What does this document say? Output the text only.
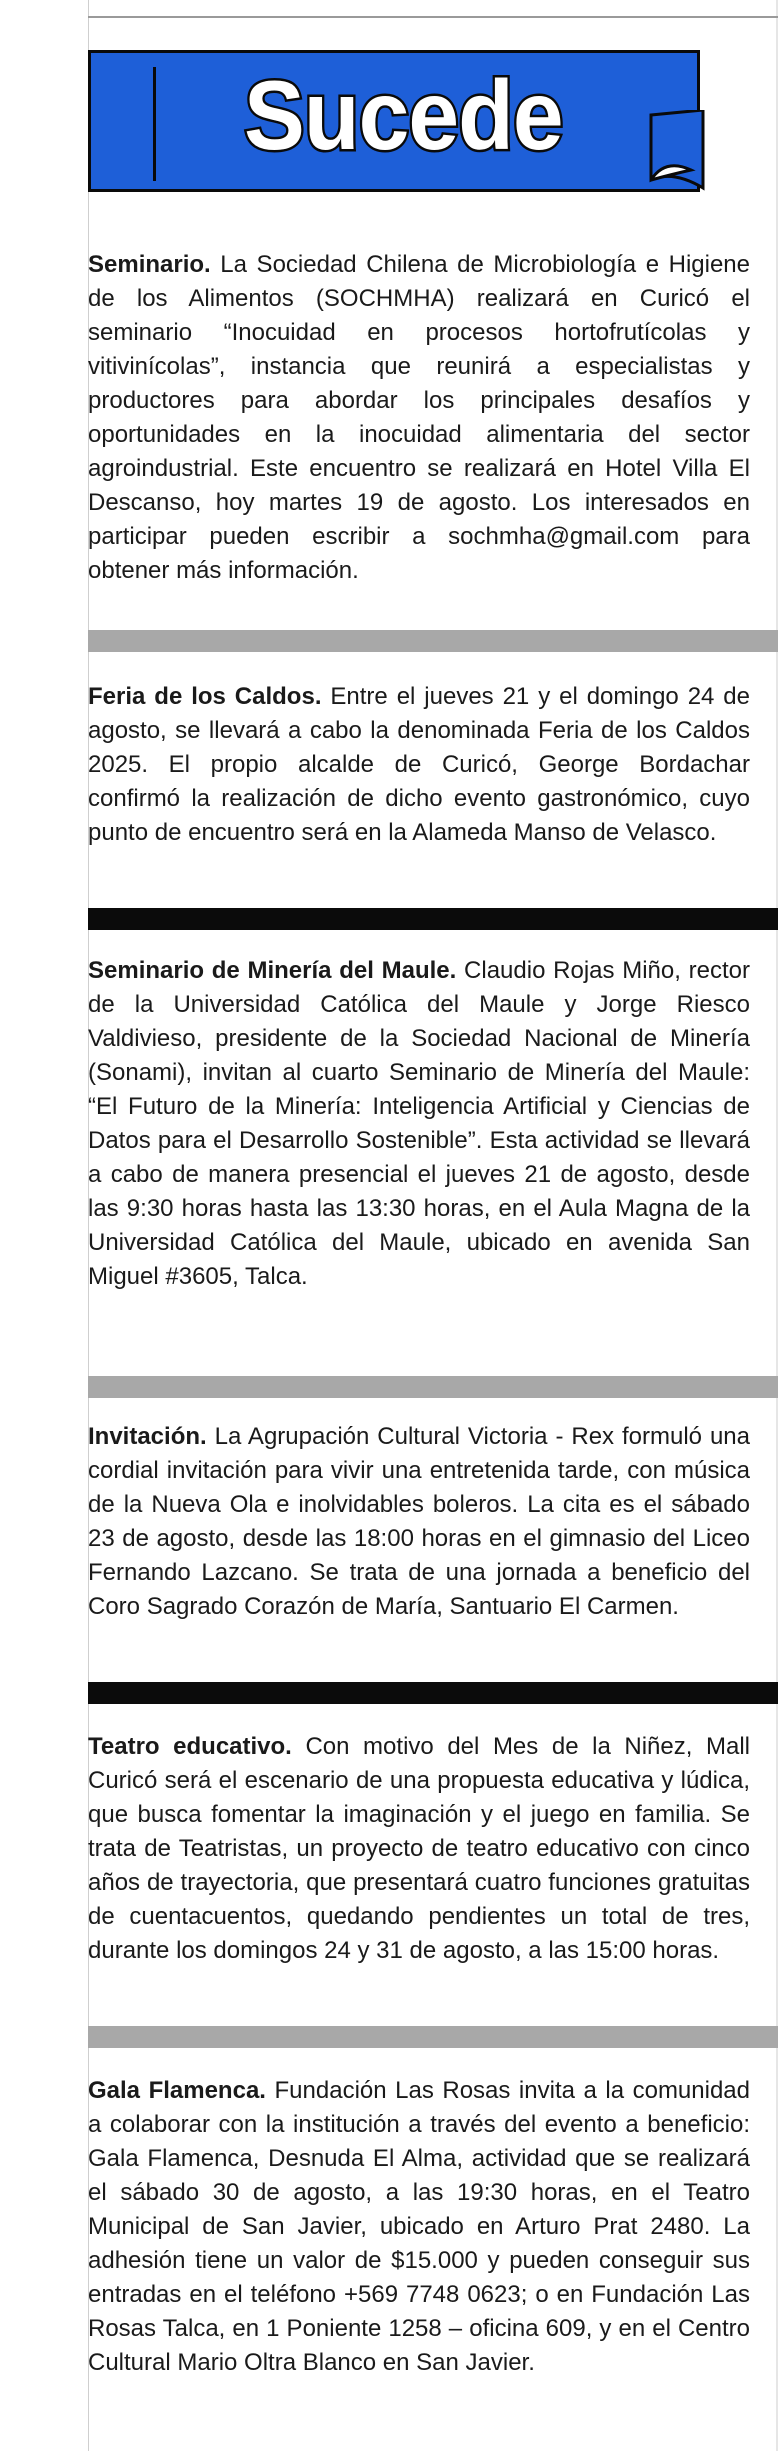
Sucede
Seminario. La Sociedad Chilena de Microbiología e Higiene de los Alimentos (SOCHMHA) realizará en Curicó el seminario “Inocuidad en procesos hortofrutícolas y vitivinícolas”, instancia que reunirá a especialistas y productores para abordar los principales desafíos y oportunidades en la inocuidad alimentaria del sector agroindustrial. Este encuentro se realizará en Hotel Villa El Descanso, hoy martes 19 de agosto. Los interesados en participar pueden escribir a sochmha@gmail.com para obtener más información.
Feria de los Caldos. Entre el jueves 21 y el domingo 24 de agosto, se llevará a cabo la denominada Feria de los Caldos 2025. El propio alcalde de Curicó, George Bordachar confirmó la realización de dicho evento gastronómico, cuyo punto de encuentro será en la Alameda Manso de Velasco.
Seminario de Minería del Maule. Claudio Rojas Miño, rector de la Universidad Católica del Maule y Jorge Riesco Valdivieso, presidente de la Sociedad Nacional de Minería (Sonami), invitan al cuarto Seminario de Minería del Maule: “El Futuro de la Minería: Inteligencia Artificial y Ciencias de Datos para el Desarrollo Sostenible”. Esta actividad se llevará a cabo de manera presencial el jueves 21 de agosto, desde las 9:30 horas hasta las 13:30 horas, en el Aula Magna de la Universidad Católica del Maule, ubicado en avenida San Miguel #3605, Talca.
Invitación. La Agrupación Cultural Victoria - Rex formuló una cordial invitación para vivir una entretenida tarde, con música de la Nueva Ola e inolvidables boleros. La cita es el sábado 23 de agosto, desde las 18:00 horas en el gimnasio del Liceo Fernando Lazcano. Se trata de una jornada a beneficio del Coro Sagrado Corazón de María, Santuario El Carmen.
Teatro educativo. Con motivo del Mes de la Niñez, Mall Curicó será el escenario de una propuesta educativa y lúdica, que busca fomentar la imaginación y el juego en familia. Se trata de Teatristas, un proyecto de teatro educativo con cinco años de trayectoria, que presentará cuatro funciones gratuitas de cuentacuentos, quedando pendientes un total de tres, durante los domingos 24 y 31 de agosto, a las 15:00 horas.
Gala Flamenca. Fundación Las Rosas invita a la comunidad a colaborar con la institución a través del evento a beneficio: Gala Flamenca, Desnuda El Alma, actividad que se realizará el sábado 30 de agosto, a las 19:30 horas, en el Teatro Municipal de San Javier, ubicado en Arturo Prat 2480. La adhesión tiene un valor de $15.000 y pueden conseguir sus entradas en el teléfono +569 7748 0623; o en Fundación Las Rosas Talca, en 1 Poniente 1258 – oficina 609, y en el Centro Cultural Mario Oltra Blanco en San Javier.
